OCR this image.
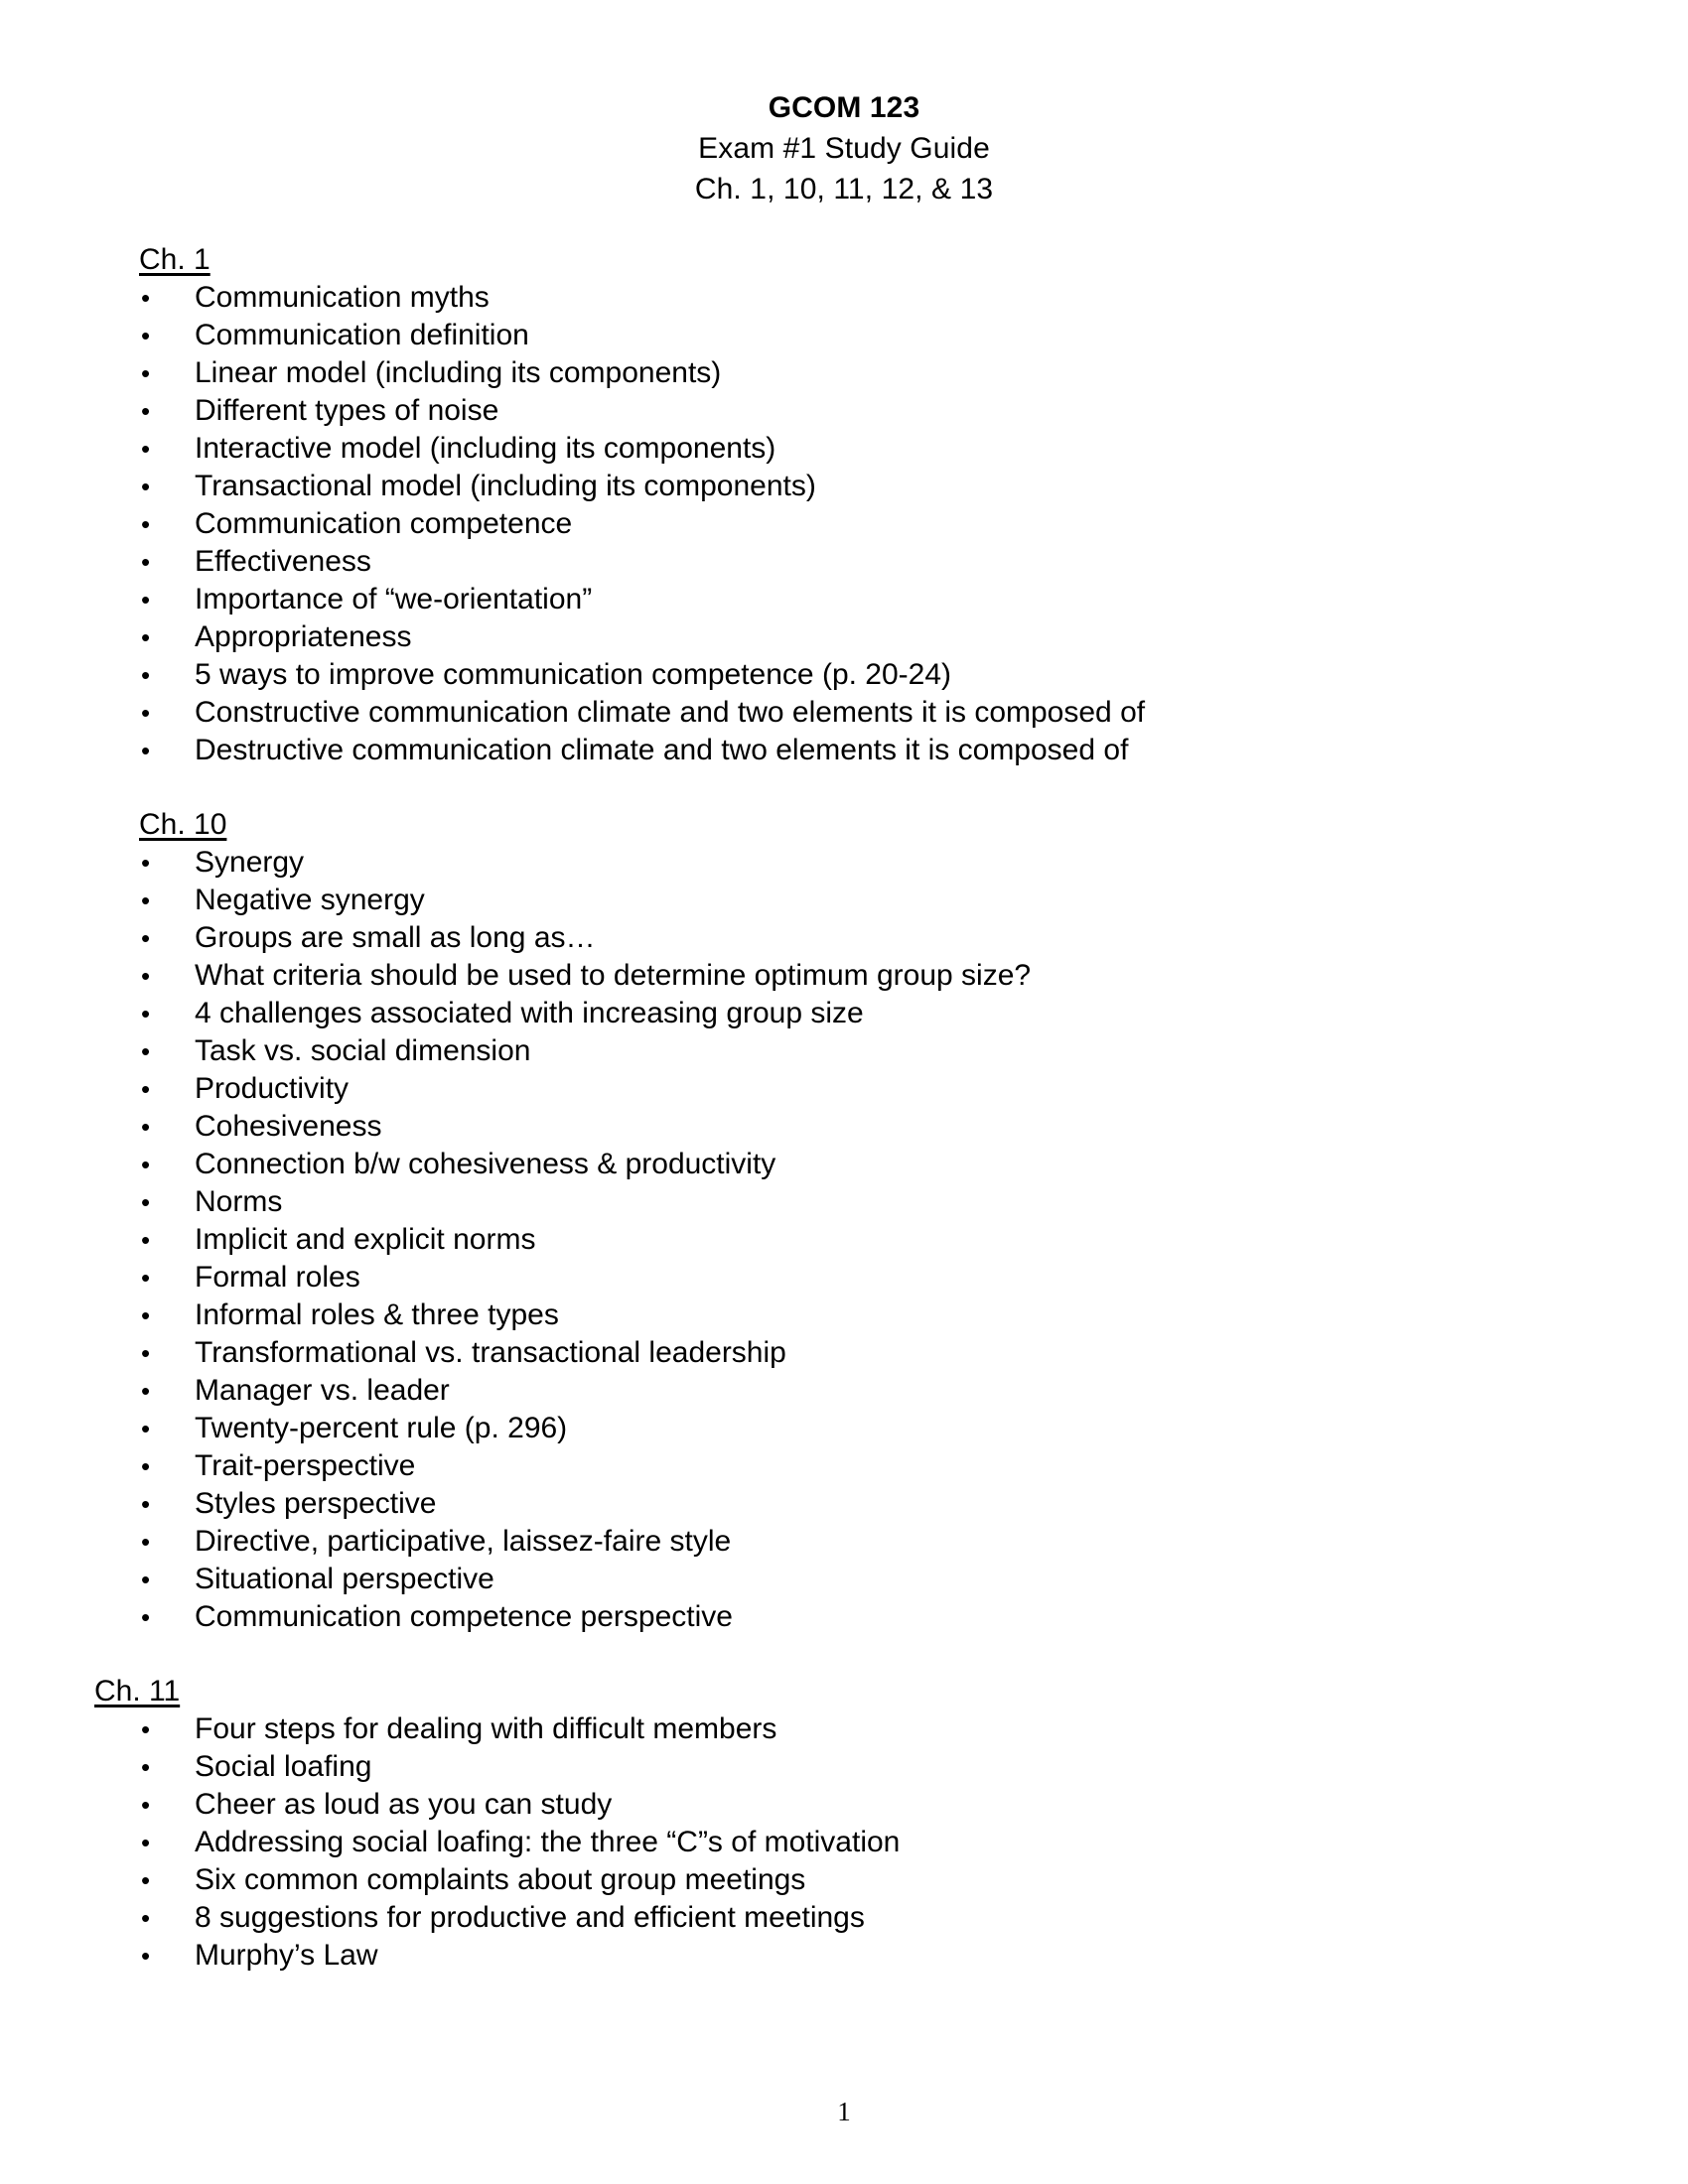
GCOM 123
Exam #1 Study Guide
Ch. 1, 10, 11, 12, & 13
Ch. 1
• Communication myths
• Communication definition
• Linear model (including its components)
• Different types of noise
• Interactive model (including its components)
• Transactional model (including its components)
• Communication competence
• Effectiveness
• Importance of “we-orientation”
• Appropriateness
• 5 ways to improve communication competence (p. 20-24)
• Constructive communication climate and two elements it is composed of
• Destructive communication climate and two elements it is composed of
Ch. 10
• Synergy
• Negative synergy
• Groups are small as long as…
• What criteria should be used to determine optimum group size?
• 4 challenges associated with increasing group size
• Task vs. social dimension
• Productivity
• Cohesiveness
• Connection b/w cohesiveness & productivity
• Norms
• Implicit and explicit norms
• Formal roles
• Informal roles & three types
• Transformational vs. transactional leadership
• Manager vs. leader
• Twenty-percent rule (p. 296)
• Trait-perspective
• Styles perspective
• Directive, participative, laissez-faire style
• Situational perspective
• Communication competence perspective
Ch. 11
• Four steps for dealing with difficult members
• Social loafing
• Cheer as loud as you can study
• Addressing social loafing: the three “C”s of motivation
• Six common complaints about group meetings
• 8 suggestions for productive and efficient meetings
• Murphy’s Law
1
